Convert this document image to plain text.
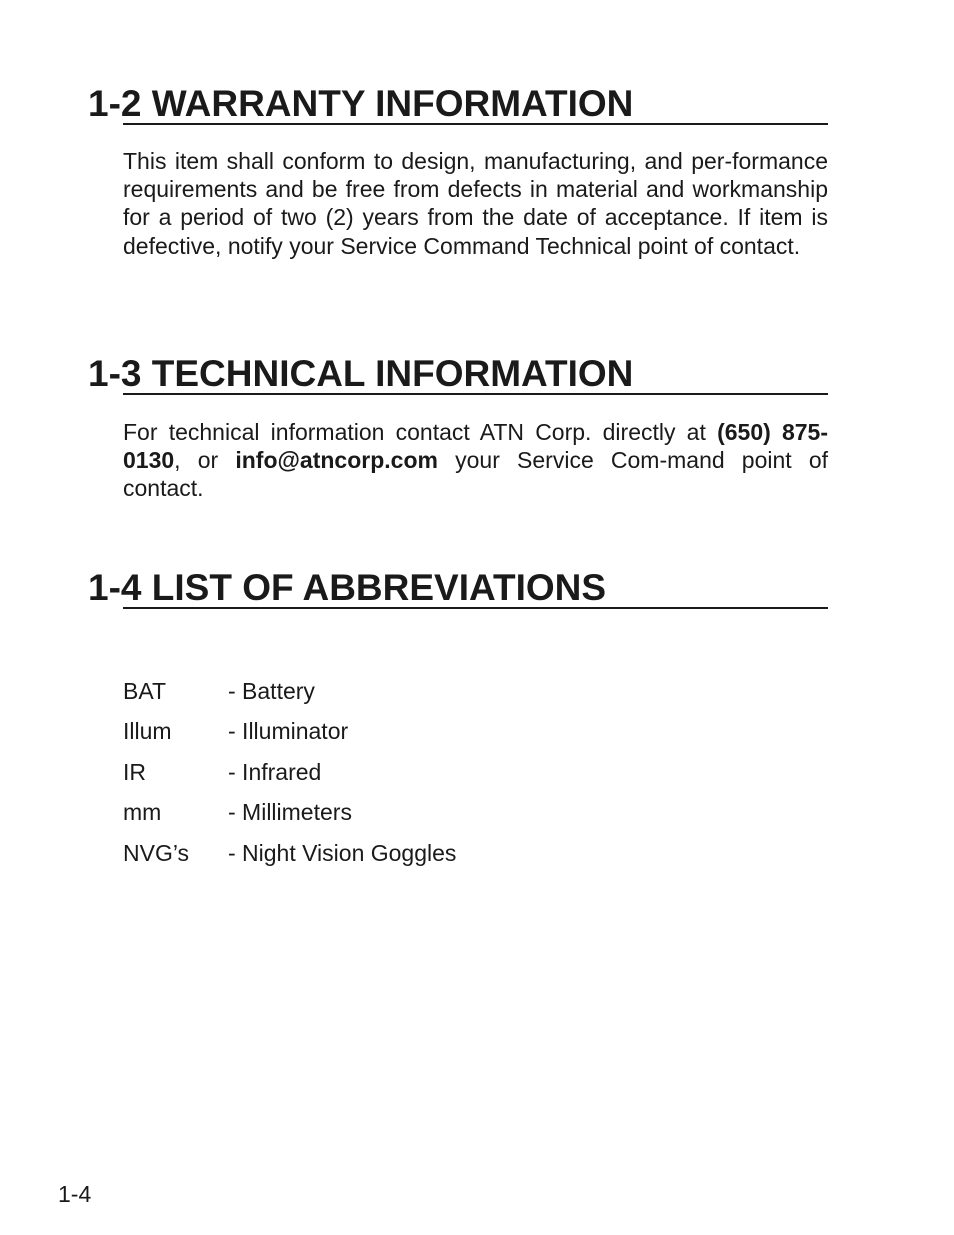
1-2 WARRANTY INFORMATION

This item shall conform to design, manufacturing, and per-formance requirements and be free from defects in material and workmanship for a period of two (2) years from the date of acceptance. If item is defective, notify your Service Command Technical point of contact.

1-3 TECHNICAL INFORMATION

For technical information contact ATN Corp. directly at (650) 875-0130, or info@atncorp.com your Service Com-mand point of contact.

1-4 LIST OF ABBREVIATIONS
BAT	- Battery
Illum	- Illuminator
IR	- Infrared
mm	- Millimeters
NVG’s	- Night Vision Goggles
1-4
